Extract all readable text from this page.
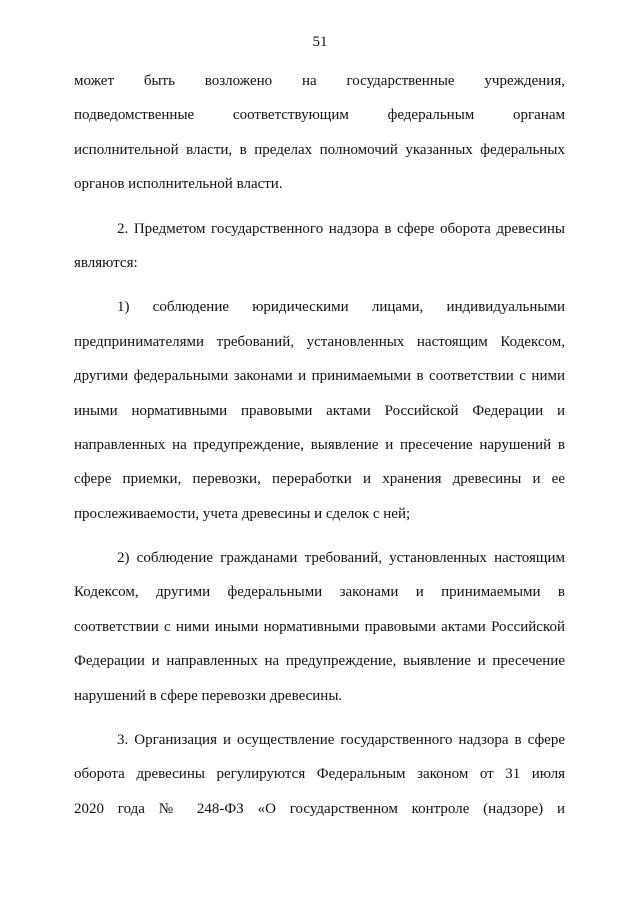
51
может быть возложено на государственные учреждения,
подведомственные соответствующим федеральным органам
исполнительной власти, в пределах полномочий указанных федеральных
органов исполнительной власти.
2. Предметом государственного надзора в сфере оборота древесины
являются:
1) соблюдение юридическими лицами, индивидуальными
предпринимателями требований, установленных настоящим Кодексом,
другими федеральными законами и принимаемыми в соответствии с ними
иными нормативными правовыми актами Российской Федерации и
направленных на предупреждение, выявление и пресечение нарушений в
сфере приемки, перевозки, переработки и хранения древесины и ее
прослеживаемости, учета древесины и сделок с ней;
2) соблюдение гражданами требований, установленных настоящим
Кодексом, другими федеральными законами и принимаемыми в
соответствии с ними иными нормативными правовыми актами Российской
Федерации и направленных на предупреждение, выявление и пресечение
нарушений в сфере перевозки древесины.
3. Организация и осуществление государственного надзора в сфере
оборота древесины регулируются Федеральным законом от 31 июля
2020 года № 248-ФЗ «О государственном контроле (надзоре) и
